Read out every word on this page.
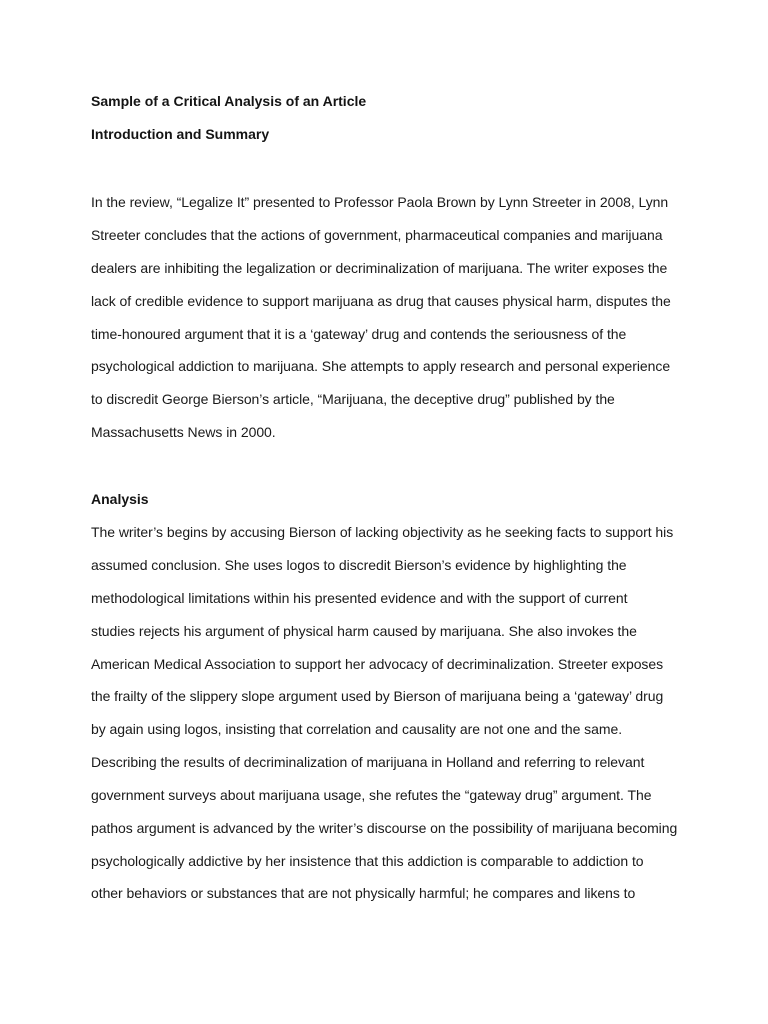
Sample of a Critical Analysis of an Article
Introduction and Summary
In the review, “Legalize It” presented to Professor Paola Brown by Lynn Streeter in 2008, Lynn
Streeter concludes that the actions of government, pharmaceutical companies and marijuana
dealers are inhibiting the legalization or decriminalization of marijuana. The writer exposes the
lack of credible evidence to support marijuana as drug that causes physical harm, disputes the
time-honoured argument that it is a ‘gateway’ drug and contends the seriousness of the
psychological addiction to marijuana. She attempts to apply research and personal experience
to discredit George Bierson’s article, “Marijuana, the deceptive drug” published by the
Massachusetts News in 2000.
Analysis
The writer’s begins by accusing Bierson of lacking objectivity as he seeking facts to support his
assumed conclusion. She uses logos to discredit Bierson’s evidence by highlighting the
methodological limitations within his presented evidence and with the support of current
studies rejects his argument of physical harm caused by marijuana. She also invokes the
American Medical Association to support her advocacy of decriminalization. Streeter exposes
the frailty of the slippery slope argument used by Bierson of marijuana being a ‘gateway’ drug
by again using logos, insisting that correlation and causality are not one and the same.
Describing the results of decriminalization of marijuana in Holland and referring to relevant
government surveys about marijuana usage, she refutes the “gateway drug” argument. The
pathos argument is advanced by the writer’s discourse on the possibility of marijuana becoming
psychologically addictive by her insistence that this addiction is comparable to addiction to
other behaviors or substances that are not physically harmful; he compares and likens to
